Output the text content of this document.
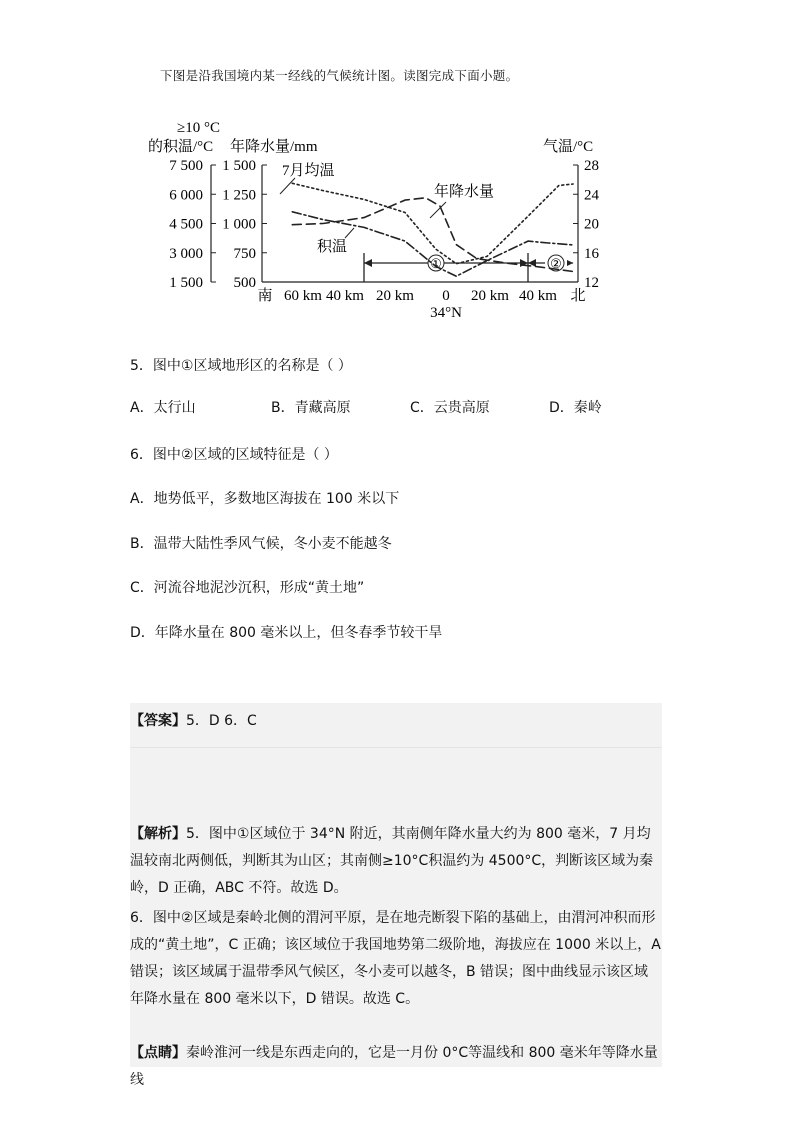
下图是沿我国境内某一经线的气候统计图。读图完成下面小题。
≥10 °C
的积温/°C
7 500
6 000
4 500
3 000
1 500
年降水量/mm
1 500
1 250
1 000
750
500
气温/°C
28
24
20
16
12
南 60 km 40 km 20 km 0 20 km 40 km 北
34°N
①	②
7月均温
年降水量
积温
5．图中①区域地形区的名称是（ ）
A．太行山	B．青藏高原	C．云贵高原	D．秦岭
6．图中②区域的区域特征是（ ）
A．地势低平，多数地区海拔在 100 米以下
B．温带大陆性季风气候，冬小麦不能越冬
C．河流谷地泥沙沉积，形成“黄土地”
D．年降水量在 800 毫米以上，但冬春季节较干旱
【答案】5．D 6．C
【解析】5．图中①区域位于 34°N 附近，其南侧年降水量大约为 800 毫米，7 月均温较南北两侧低，判断其为山区；其南侧≥10°C积温约为 4500°C，判断该区域为秦岭，D 正确，ABC 不符。故选 D。
6．图中②区域是秦岭北侧的渭河平原，是在地壳断裂下陷的基础上，由渭河冲积而形成的“黄土地”，C 正确；该区域位于我国地势第二级阶地，海拔应在 1000 米以上，A 错误；该区域属于温带季风气候区，冬小麦可以越冬，B 错误；图中曲线显示该区域年降水量在 800 毫米以下，D 错误。故选 C。
【点睛】秦岭淮河一线是东西走向的，它是一月份 0°C等温线和 800 毫米年等降水量线
